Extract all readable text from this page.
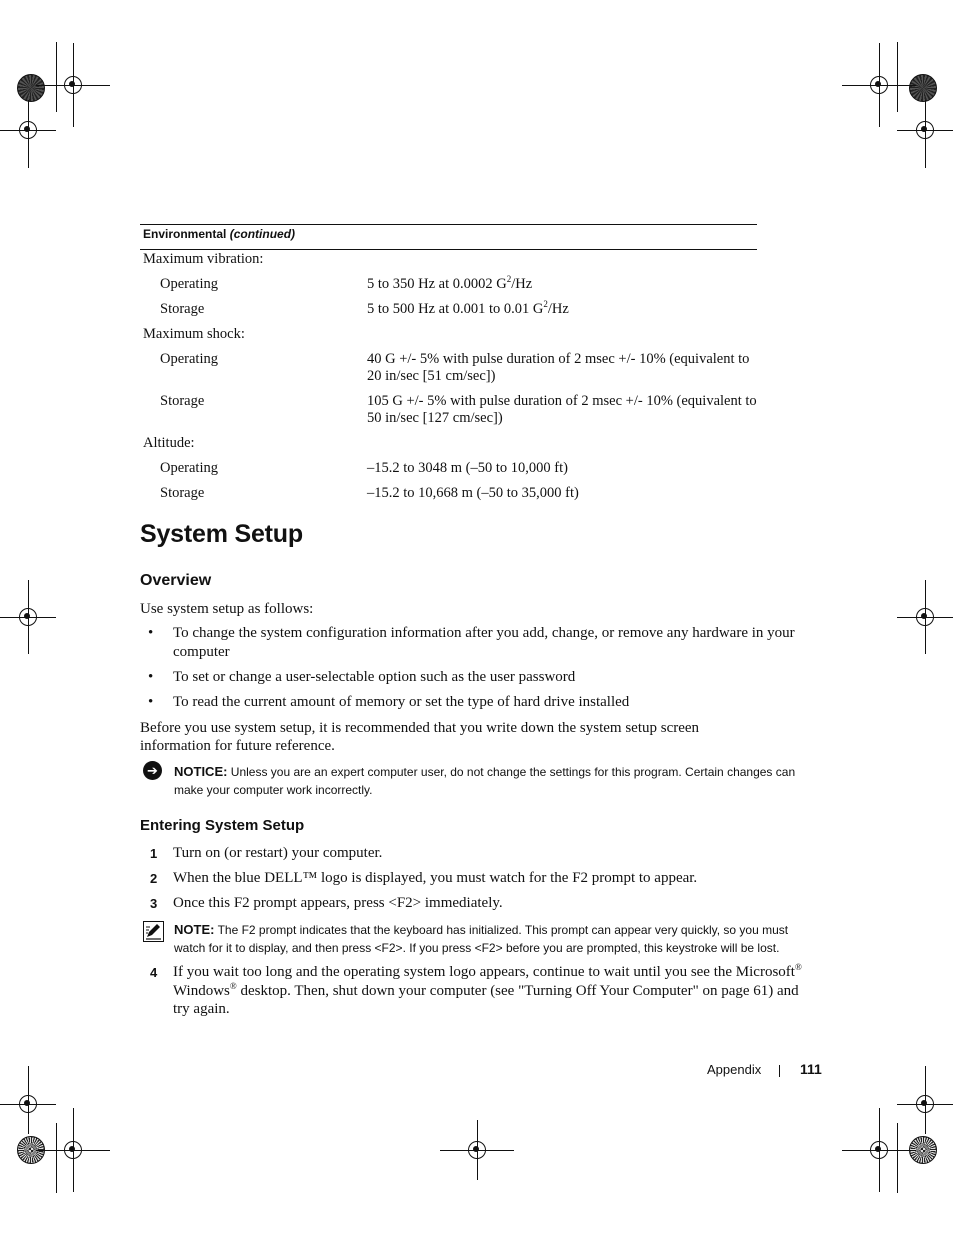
Environmental (continued)
Maximum vibration:
Operating	5 to 350 Hz at 0.0002 $G^2/Hz$
Storage	5 to 500 Hz at 0.001 to 0.01 $G^2/Hz$
Maximum shock:
Operating	40 G +/- 5% with pulse duration of 2 msec +/- 10% (equivalent to 20 in/sec [51 cm/sec])
Storage	105 G +/- 5% with pulse duration of 2 msec +/- 10% (equivalent to 50 in/sec [127 cm/sec])
Altitude:
Operating	–15.2 to 3048 m (–50 to 10,000 ft)
Storage	–15.2 to 10,668 m (–50 to 35,000 ft)
System Setup
Overview
Use system setup as follows:
• To change the system configuration information after you add, change, or remove any hardware in your computer
• To set or change a user-selectable option such as the user password
• To read the current amount of memory or set the type of hard drive installed
Before you use system setup, it is recommended that you write down the system setup screen information for future reference.
➔	NOTICE: Unless you are an expert computer user, do not change the settings for this program. Certain changes can make your computer work incorrectly.
Entering System Setup
1 Turn on (or restart) your computer.
2 When the blue DELL™ logo is displayed, you must watch for the F2 prompt to appear.
3 Once this F2 prompt appears, press <F2> immediately.
NOTE: The F2 prompt indicates that the keyboard has initialized. This prompt can appear very quickly, so you must watch for it to display, and then press <F2>. If you press <F2> before you are prompted, this keystroke will be lost.
4 If you wait too long and the operating system logo appears, continue to wait until you see the Microsoft® Windows® desktop. Then, shut down your computer (see "Turning Off Your Computer" on page 61) and try again.
Appendix	111
